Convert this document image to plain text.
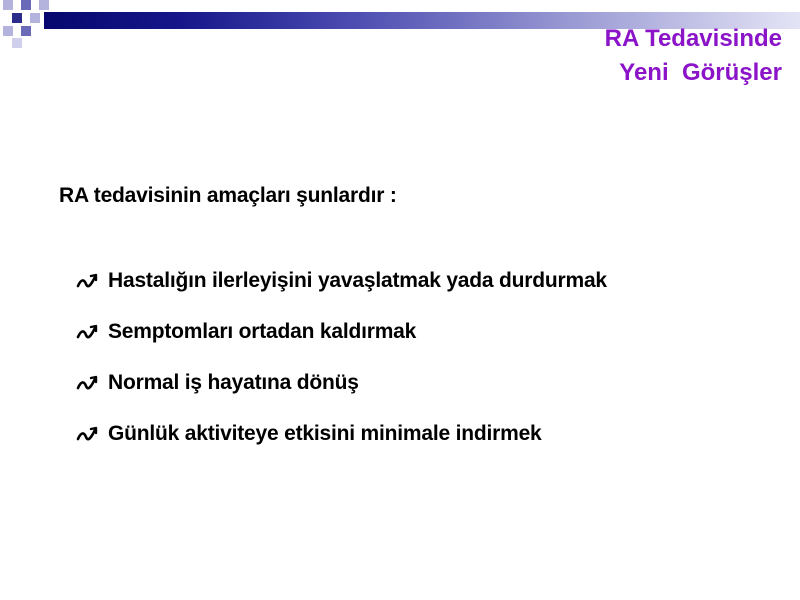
RA Tedavisinde
Yeni  Görüşler
RA tedavisinin amaçları şunlardır :
Hastalığın ilerleyişini yavaşlatmak yada durdurmak
Semptomları ortadan kaldırmak
Normal iş hayatına dönüş
Günlük aktiviteye etkisini minimale indirmek
